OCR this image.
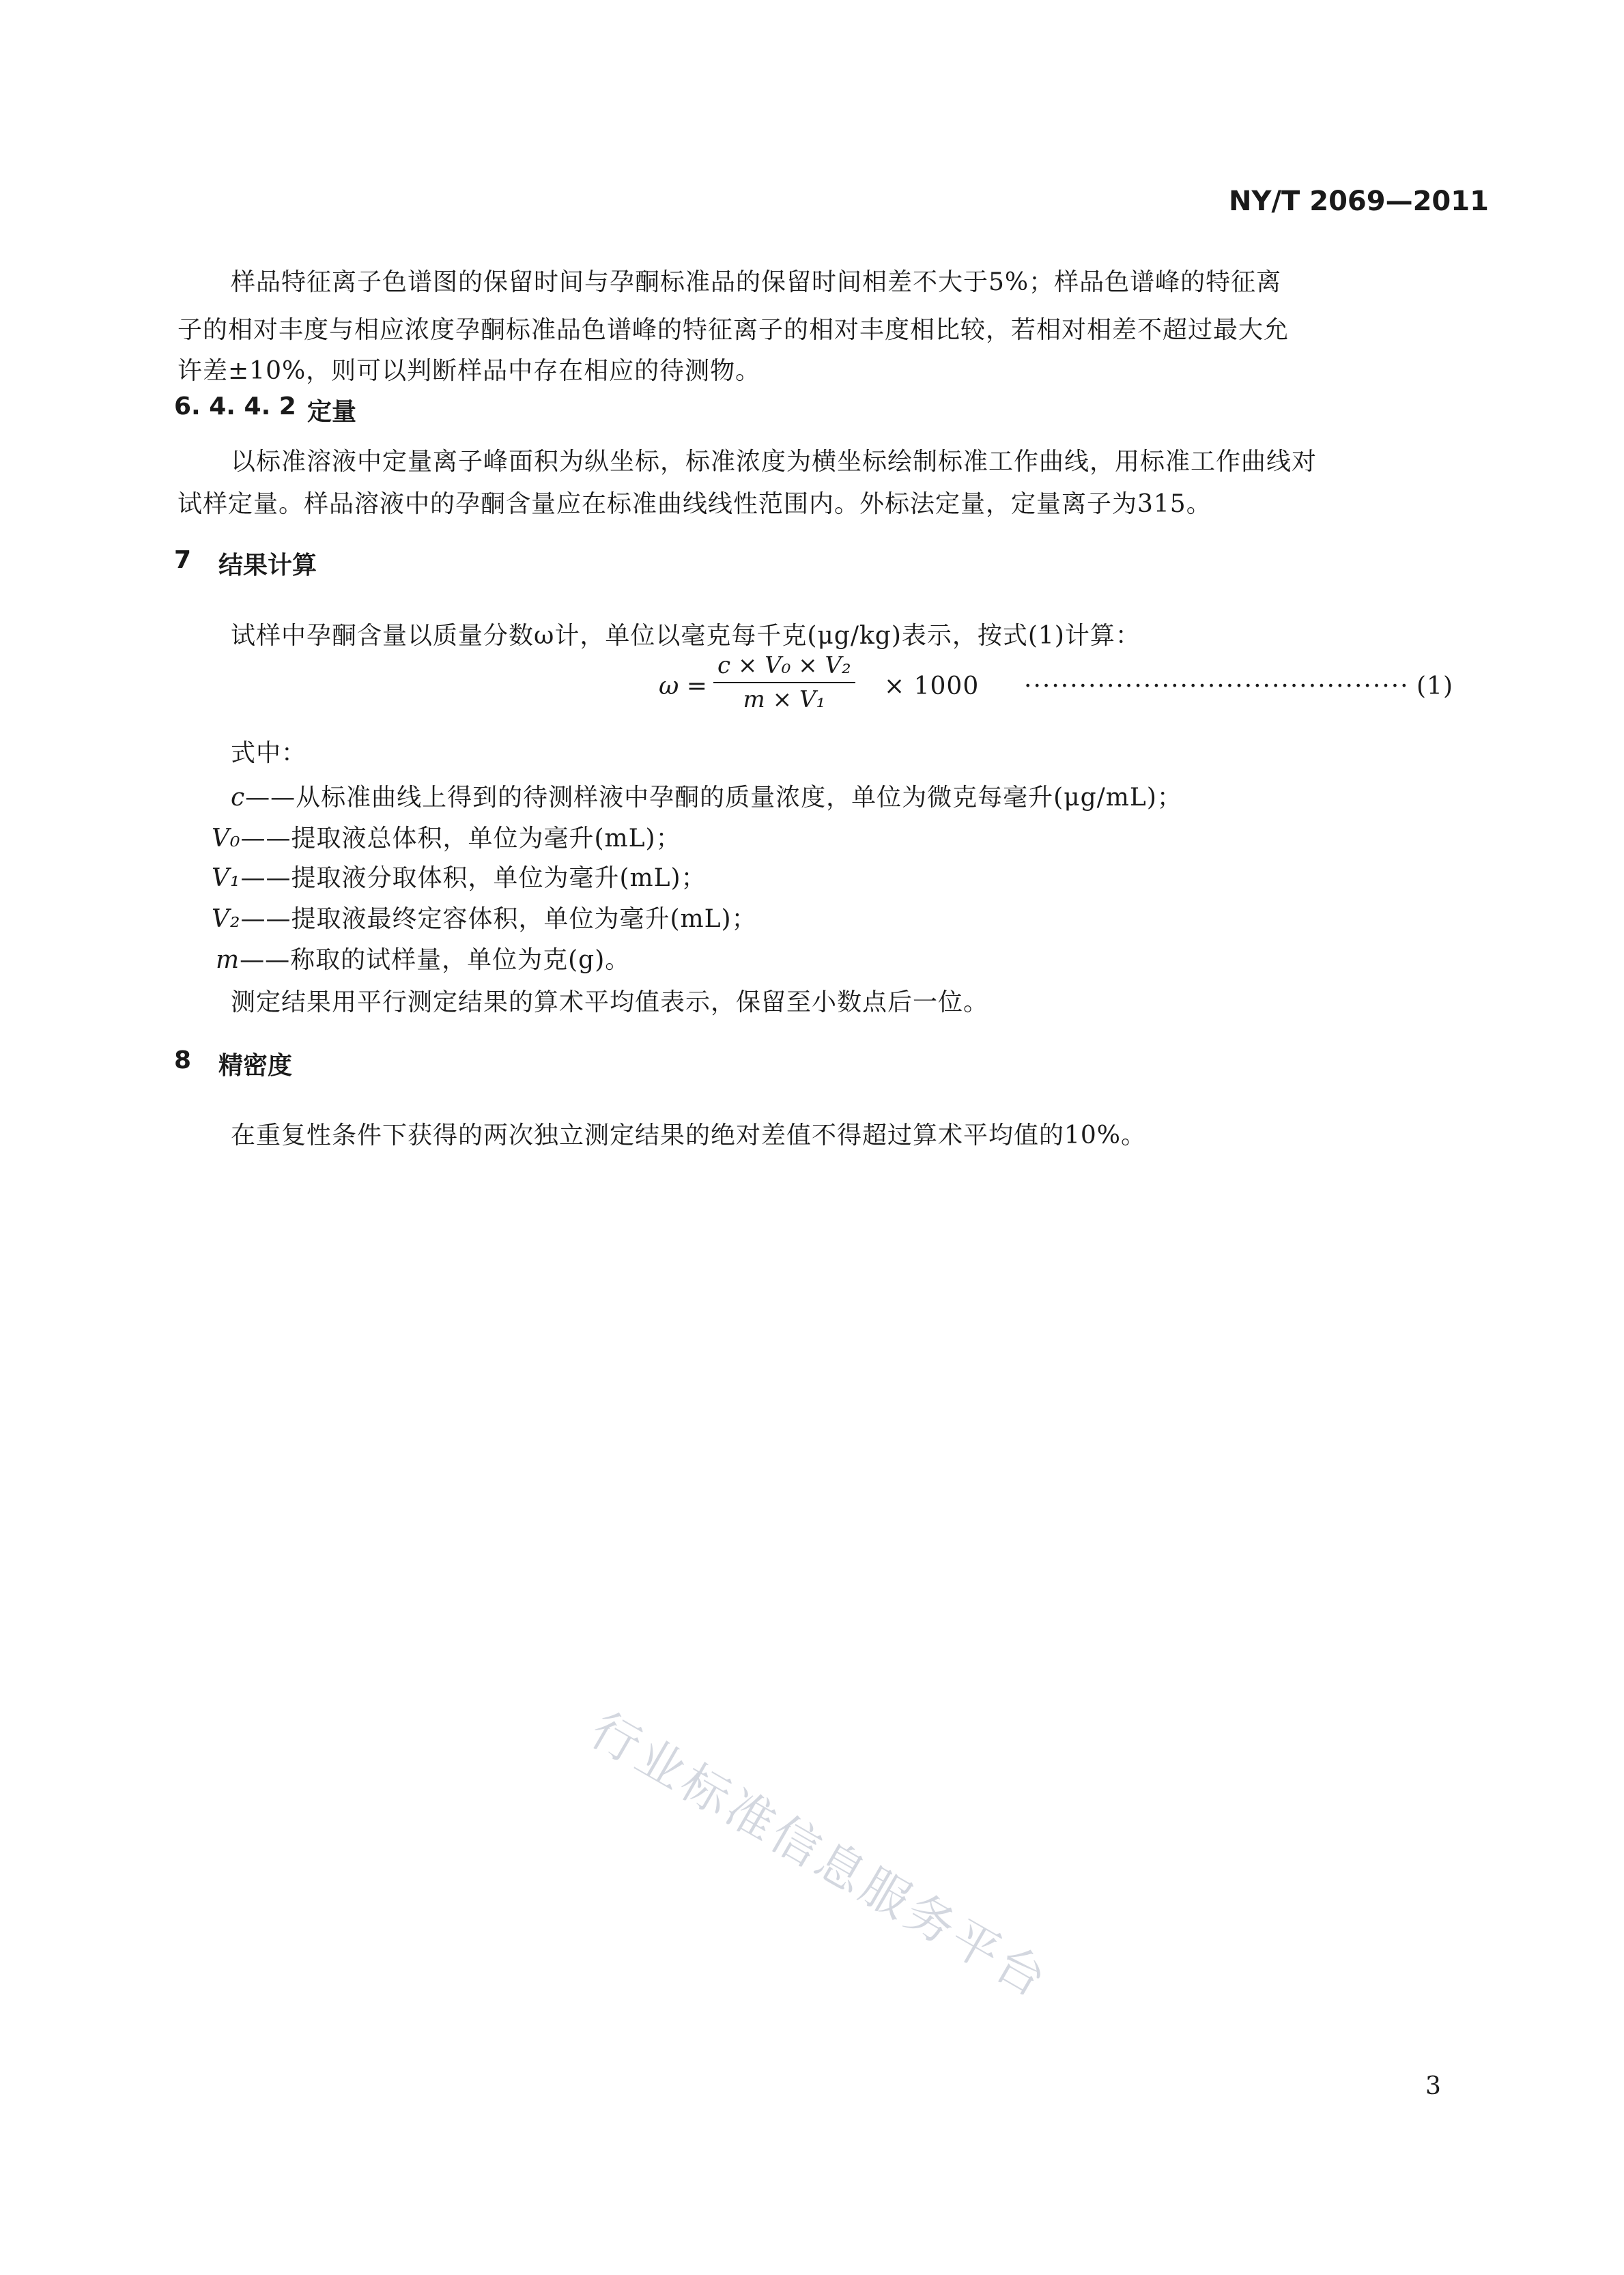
NY/T 2069—2011
样品特征离子色谱图的保留时间与孕酮标准品的保留时间相差不大于5%；样品色谱峰的特征离
子的相对丰度与相应浓度孕酮标准品色谱峰的特征离子的相对丰度相比较，若相对相差不超过最大允
许差±10%，则可以判断样品中存在相应的待测物。
6. 4. 4. 2 定量
以标准溶液中定量离子峰面积为纵坐标，标准浓度为横坐标绘制标准工作曲线，用标准工作曲线对
试样定量。样品溶液中的孕酮含量应在标准曲线线性范围内。外标法定量，定量离子为315。
7 结果计算
试样中孕酮含量以质量分数ω计，单位以毫克每千克(μg/kg)表示，按式(1)计算：
ω =
c × V₀ × V₂
m × V₁ × 1000 ·········································· (1)
式中：
c——从标准曲线上得到的待测样液中孕酮的质量浓度，单位为微克每毫升(μg/mL)；
V₀——提取液总体积，单位为毫升(mL)；
V₁——提取液分取体积，单位为毫升(mL)；
V₂——提取液最终定容体积，单位为毫升(mL)；
m——称取的试样量，单位为克(g)。
测定结果用平行测定结果的算术平均值表示，保留至小数点后一位。
8 精密度
在重复性条件下获得的两次独立测定结果的绝对差值不得超过算术平均值的10%。
行业标准信息服务平台
3
